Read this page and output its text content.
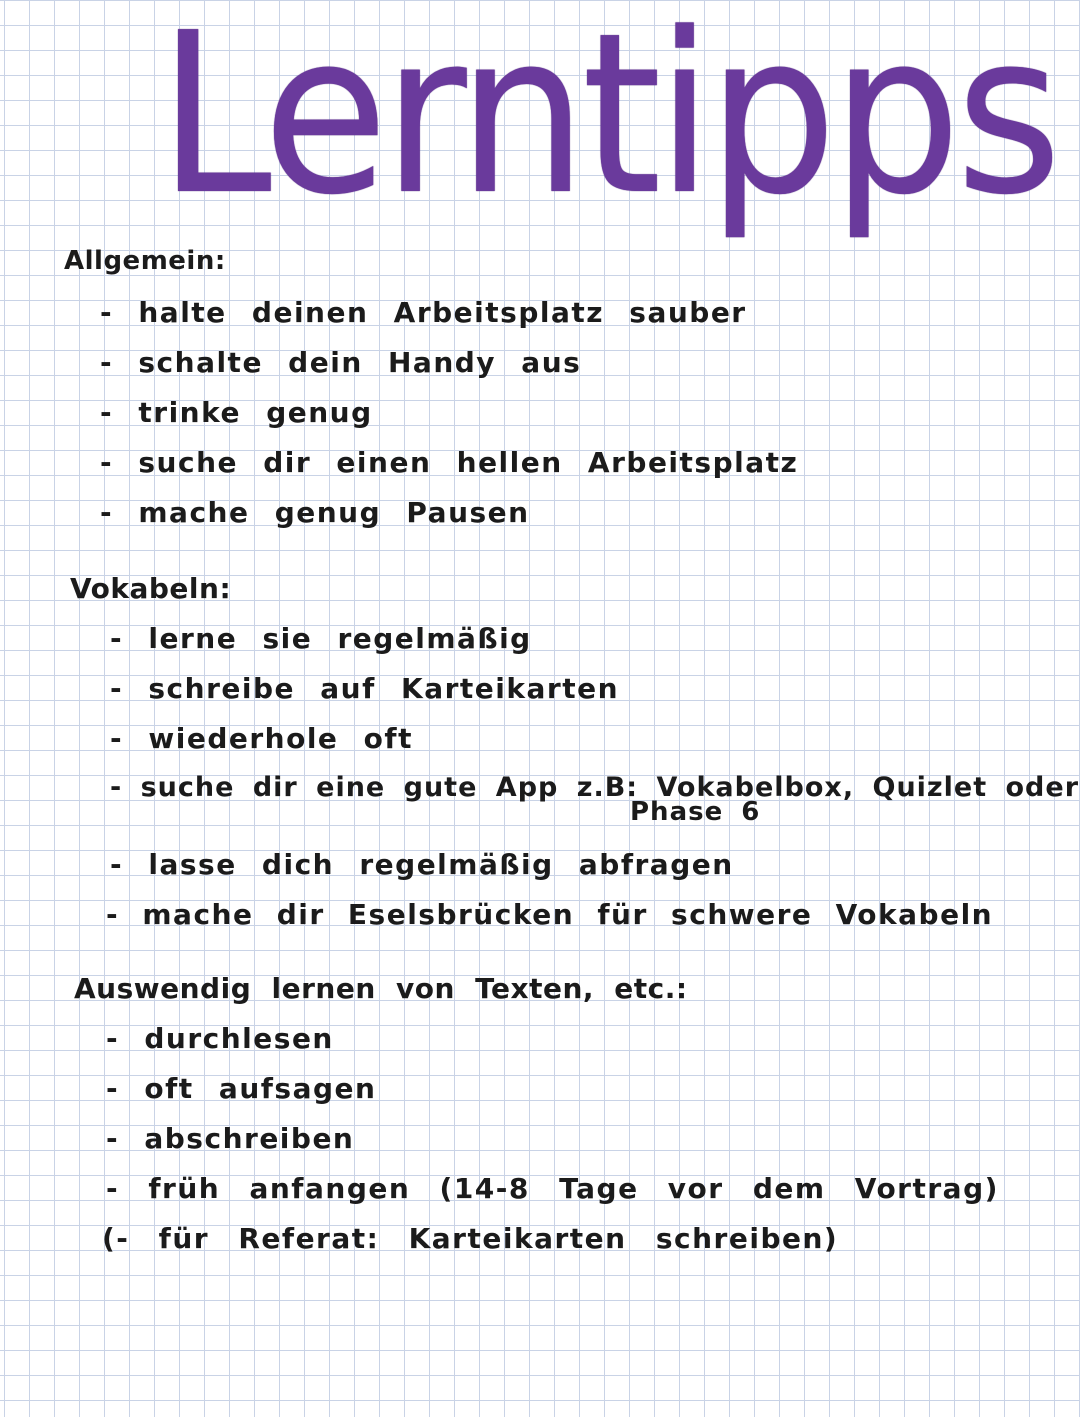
Lerntipps
Allgemein:
- halte deinen Arbeitsplatz sauber
- schalte dein Handy aus
- trinke genug
- suche dir einen hellen Arbeitsplatz
- mache genug Pausen
Vokabeln:
- lerne sie regelmäßig
- schreibe auf Karteikarten
- wiederhole oft
- suche dir eine gute App z.B: Vokabelbox, Quizlet oder
Phase 6
- lasse dich regelmäßig abfragen
- mache dir Eselsbrücken für schwere Vokabeln
Auswendig lernen von Texten, etc.:
- durchlesen
- oft aufsagen
- abschreiben
- früh anfangen (14-8 Tage vor dem Vortrag)
(- für Referat: Karteikarten schreiben)
